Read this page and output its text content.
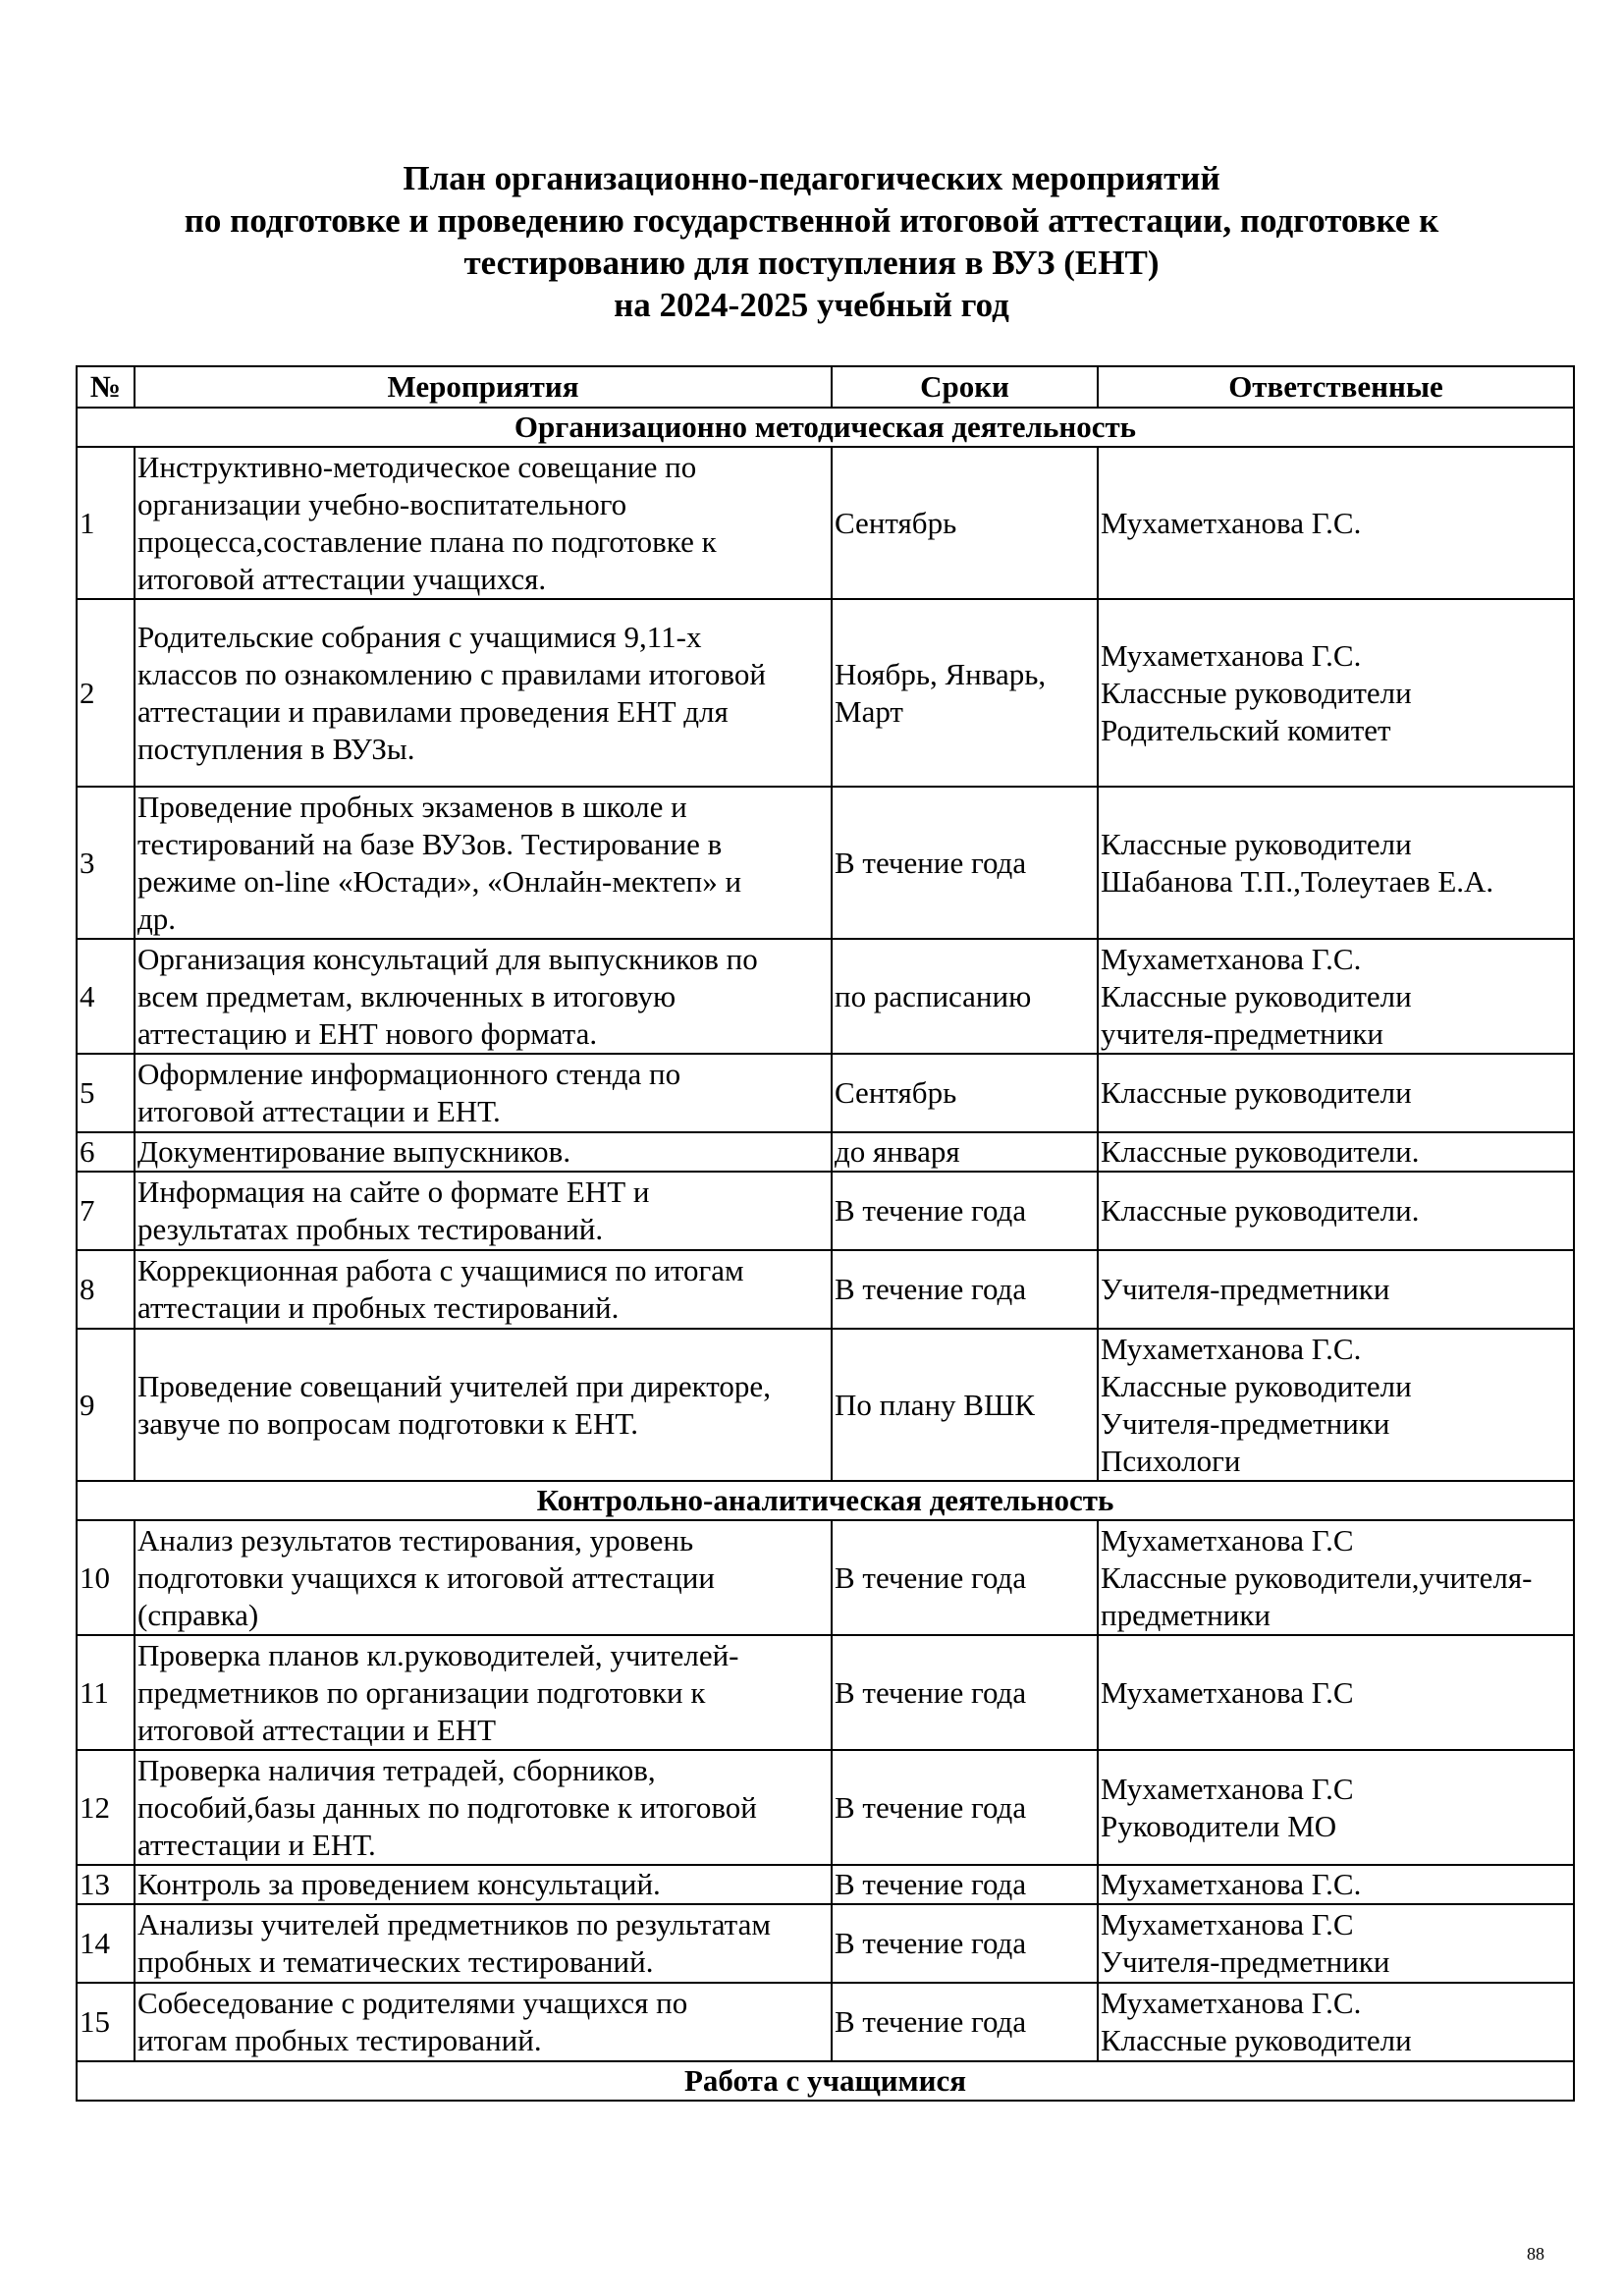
План организационно-педагогических мероприятий
по подготовке и проведению государственной итоговой аттестации, подготовке к
тестированию для поступления в ВУЗ (ЕНТ)
на 2024-2025 учебный год
№	Мероприятия	Сроки	Ответственные
Организационно методическая деятельность			
1	Инструктивно-методическое совещание по
организации учебно-воспитательного
процесса,составление плана по подготовке к
итоговой аттестации учащихся.	Сентябрь	Мухаметханова Г.С.
2	Родительские собрания с учащимися 9,11-х
классов по ознакомлению с правилами итоговой
аттестации и правилами проведения ЕНТ для
поступления в ВУЗы.	Ноябрь, Январь,
Март	Мухаметханова Г.С.
Классные руководители
Родительский комитет
3	Проведение пробных экзаменов в школе и
тестирований на базе ВУЗов. Тестирование в
режиме on-line «Юстади», «Онлайн-мектеп» и
др.	В течение года	Классные руководители
Шабанова Т.П.,Толеутаев Е.А.
4	Организация консультаций для выпускников по
всем предметам, включенных в итоговую
аттестацию и ЕНТ нового формата.	по расписанию	Мухаметханова Г.С.
Классные руководители
учителя-предметники
5	Оформление информационного стенда по
итоговой аттестации и ЕНТ.	Сентябрь	Классные руководители
6	Документирование выпускников.	до января	Классные руководители.
7	Информация на сайте о формате ЕНТ и
результатах пробных тестирований.	В течение года	Классные руководители.
8	Коррекционная работа с учащимися по итогам
аттестации и пробных тестирований.	В течение года	Учителя-предметники
9	Проведение совещаний учителей при директоре,
завуче по вопросам подготовки к ЕНТ.	По плану ВШК	Мухаметханова Г.С.
Классные руководители
Учителя-предметники
Психологи
Контрольно-аналитическая деятельность			
10	Анализ результатов тестирования, уровень
подготовки учащихся к итоговой аттестации
(справка)	В течение года	Мухаметханова Г.С
Классные руководители,учителя-
предметники
11	Проверка планов кл.руководителей, учителей-
предметников по организации подготовки к
итоговой аттестации и ЕНТ	В течение года	Мухаметханова Г.С
12	Проверка наличия тетрадей, сборников,
пособий,базы данных по подготовке к итоговой
аттестации и ЕНТ.	В течение года	Мухаметханова Г.С
Руководители МО
13	Контроль за проведением консультаций.	В течение года	Мухаметханова Г.С.
14	Анализы учителей предметников по результатам
пробных и тематических тестирований.	В течение года	Мухаметханова Г.С
Учителя-предметники
15	Собеседование с родителями учащихся по
итогам пробных тестирований.	В течение года	Мухаметханова Г.С.
Классные руководители
Работа с учащимися			
88
